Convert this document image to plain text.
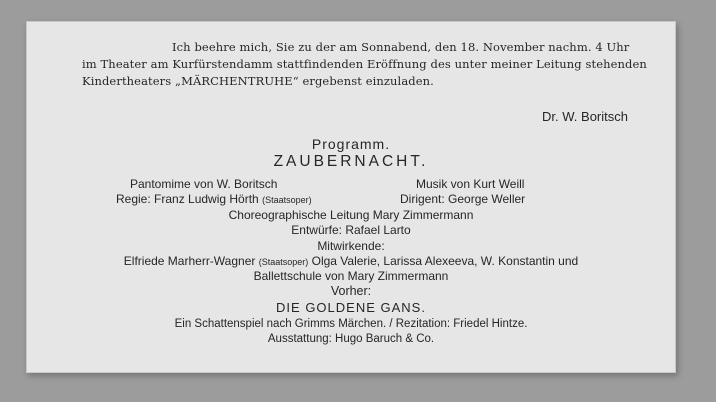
Ich beehre mich, Sie zu der am Sonnabend, den 18. November nachm. 4 Uhr
im Theater am Kurfürstendamm stattfindenden Eröffnung des unter meiner Leitung stehenden
Kindertheaters „MÄRCHENTRUHE“ ergebenst einzuladen.
Dr. W. Boritsch
Programm.
ZAUBERNACHT.
Pantomime von W. Boritsch	Musik von Kurt Weill
Regie: Franz Ludwig Hörth (Staatsoper)	Dirigent: George Weller
Choreographische Leitung Mary Zimmermann
Entwürfe: Rafael Larto
Mitwirkende:
Elfriede Marherr-Wagner (Staatsoper) Olga Valerie, Larissa Alexeeva, W. Konstantin und
Ballettschule von Mary Zimmermann
Vorher:
DIE GOLDENE GANS.
Ein Schattenspiel nach Grimms Märchen. / Rezitation: Friedel Hintze.
Ausstattung: Hugo Baruch & Co.
